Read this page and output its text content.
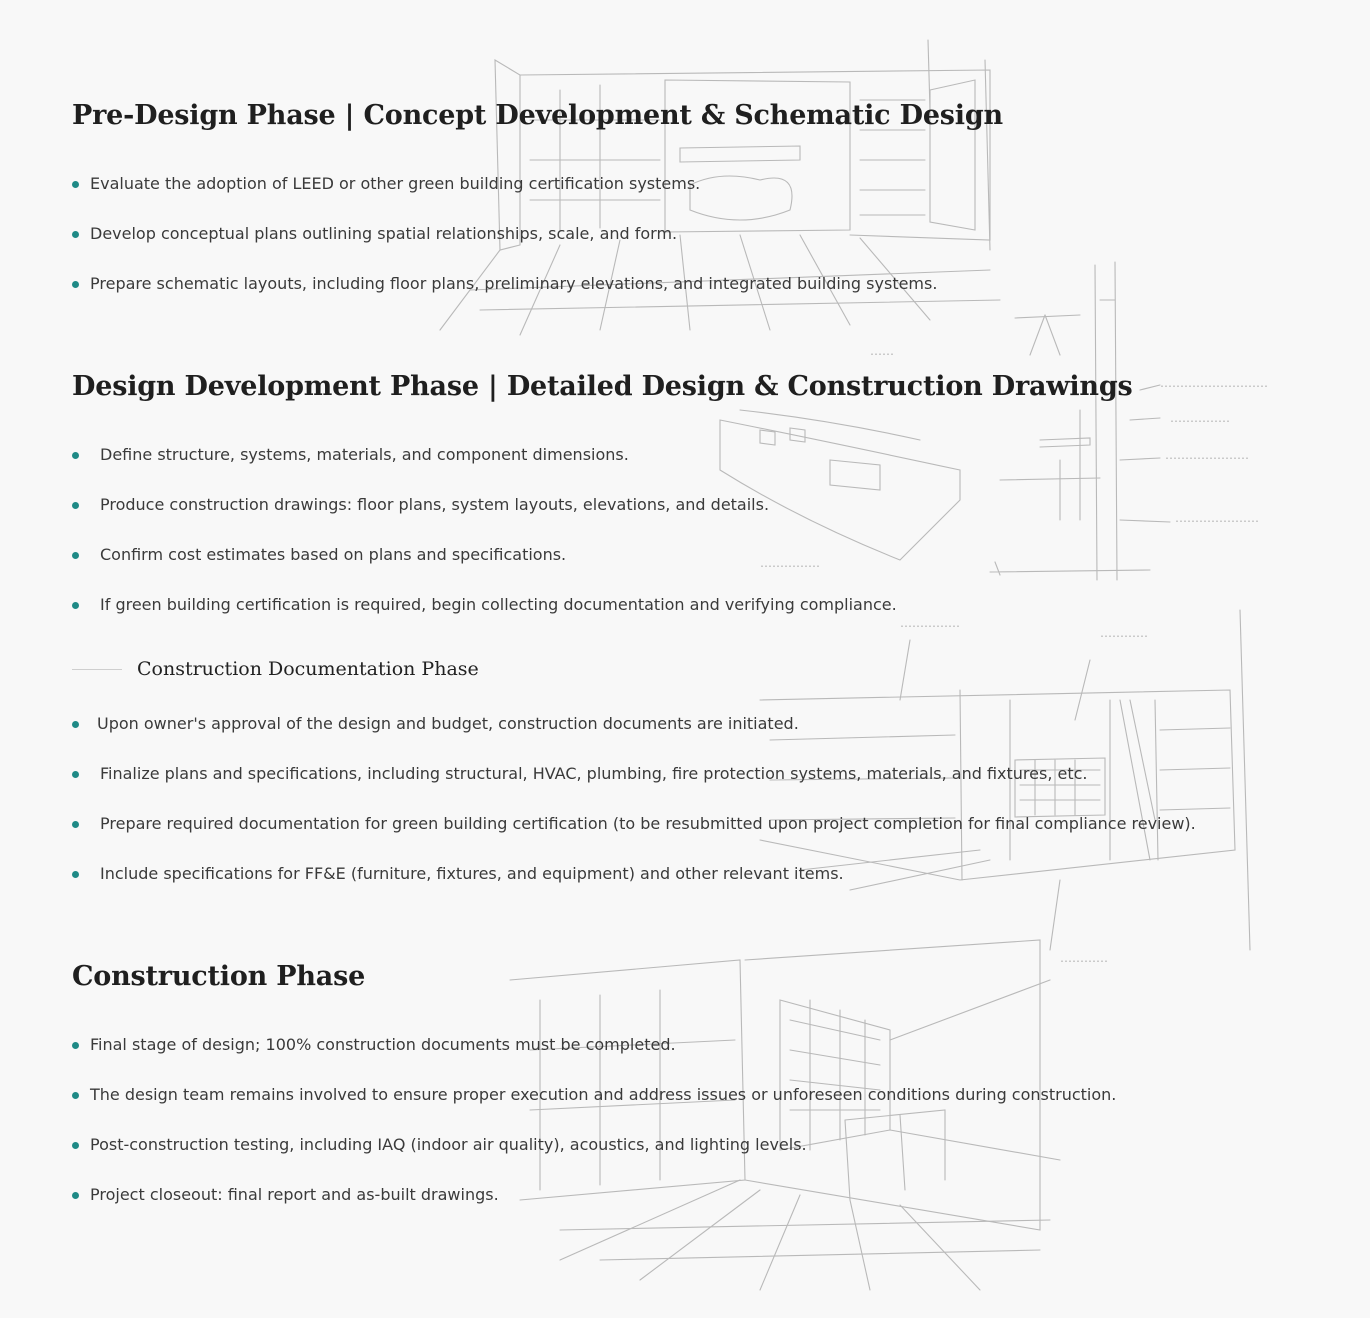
⋯⋯
⋯⋯⋯⋯⋯⋯⋯⋯⋯
⋯⋯⋯⋯⋯
⋯⋯⋯⋯⋯⋯⋯
⋯⋯⋯⋯⋯⋯⋯
⋯⋯⋯⋯⋯
⋯⋯⋯⋯⋯
⋯⋯⋯⋯
⋯⋯⋯⋯
Pre-Design Phase | Concept Development & Schematic Design
Evaluate the adoption of LEED or other green building certification systems.
Develop conceptual plans outlining spatial relationships, scale, and form.
Prepare schematic layouts, including floor plans, preliminary elevations, and integrated building systems.
Design Development Phase | Detailed Design & Construction Drawings
Define structure, systems, materials, and component dimensions.
Produce construction drawings: floor plans, system layouts, elevations, and details.
Confirm cost estimates based on plans and specifications.
If green building certification is required, begin collecting documentation and verifying compliance.
Construction Documentation Phase
Upon owner's approval of the design and budget, construction documents are initiated.
Finalize plans and specifications, including structural, HVAC, plumbing, fire protection systems, materials, and fixtures, etc.
Prepare required documentation for green building certification (to be resubmitted upon project completion for final compliance review).
Include specifications for FF&E (furniture, fixtures, and equipment) and other relevant items.
Construction Phase
Final stage of design; 100% construction documents must be completed.
The design team remains involved to ensure proper execution and address issues or unforeseen conditions during construction.
Post-construction testing, including IAQ (indoor air quality), acoustics, and lighting levels.
Project closeout: final report and as-built drawings.
